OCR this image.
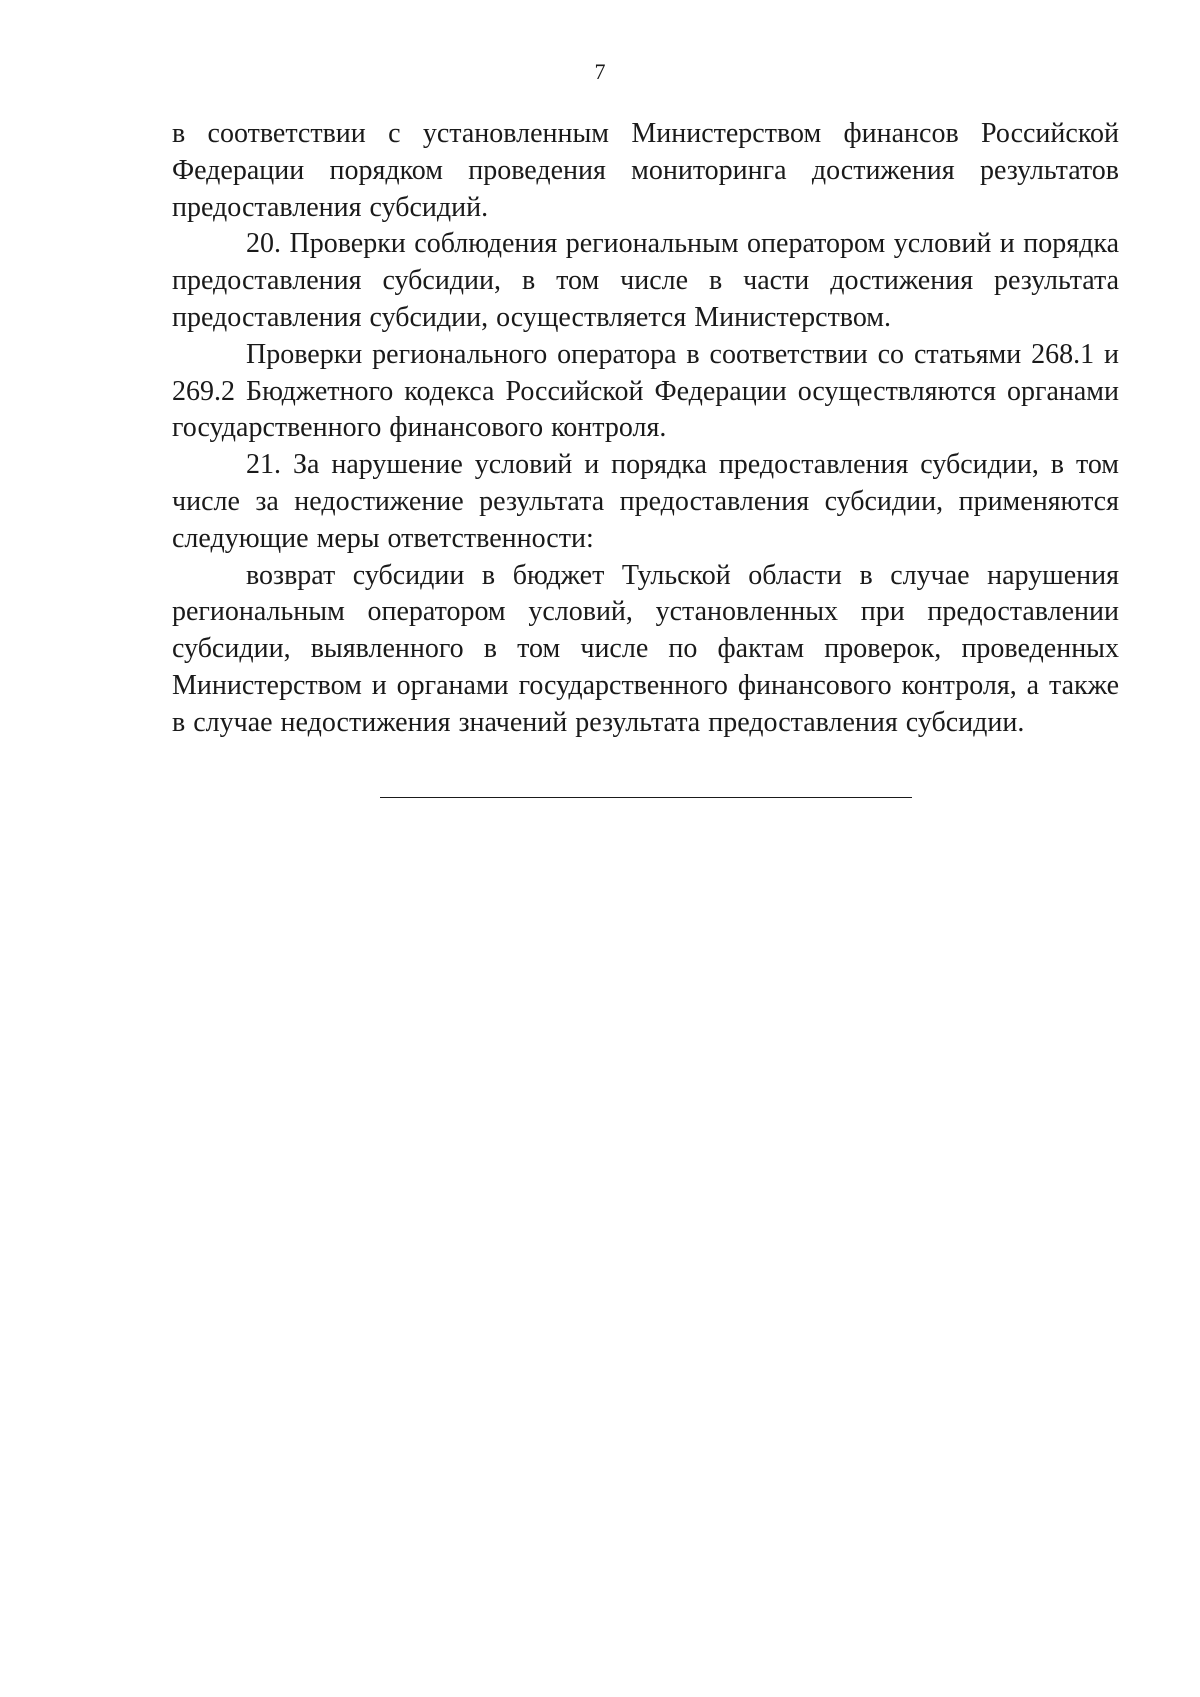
7

в соответствии с установленным Министерством финансов Российской Федерации порядком проведения мониторинга достижения результатов предоставления субсидий.

20. Проверки соблюдения региональным оператором условий и порядка предоставления субсидии, в том числе в части достижения результата предоставления субсидии, осуществляется Министерством.

Проверки регионального оператора в соответствии со статьями 268.1 и 269.2 Бюджетного кодекса Российской Федерации осуществляются органами государственного финансового контроля.

21. За нарушение условий и порядка предоставления субсидии, в том числе за недостижение результата предоставления субсидии, применяются следующие меры ответственности:

возврат субсидии в бюджет Тульской области в случае нарушения региональным оператором условий, установленных при предоставлении субсидии, выявленного в том числе по фактам проверок, проведенных Министерством и органами государственного финансового контроля, а также в случае недостижения значений результата предоставления субсидии.
